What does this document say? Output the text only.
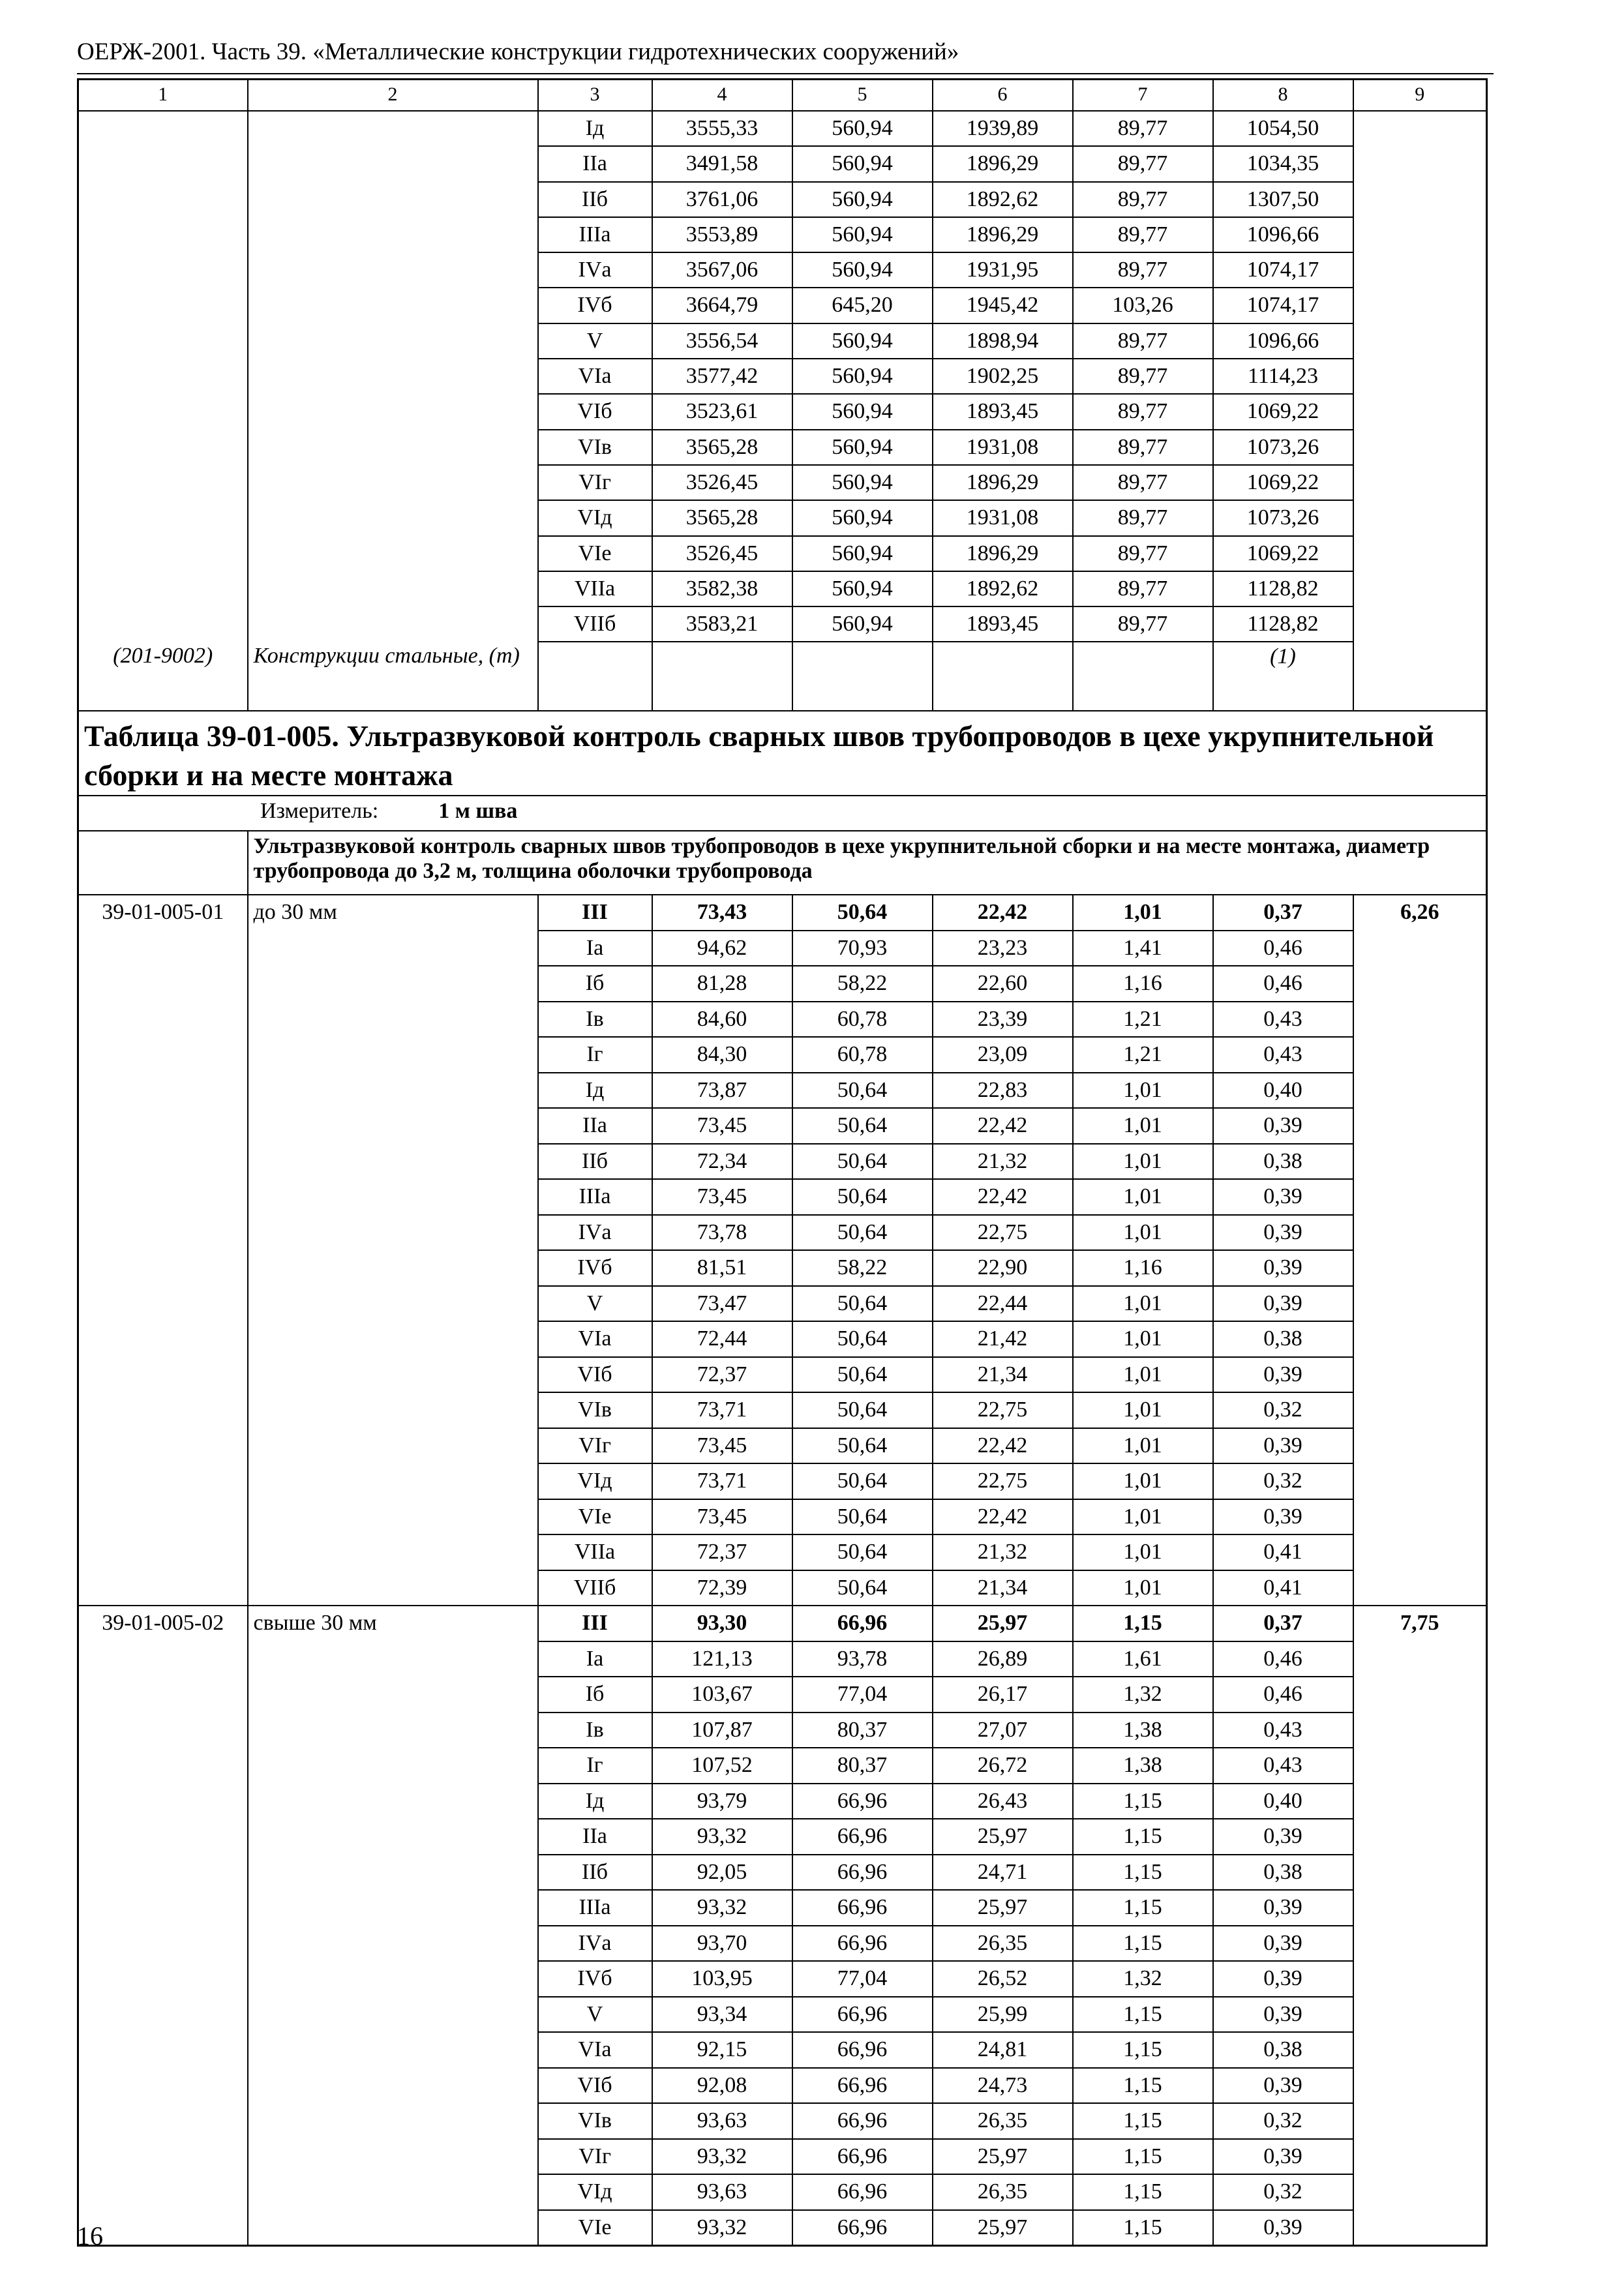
ОЕРЖ-2001. Часть 39. «Металлические конструкции гидротехнических сооружений»
1	2	3	4	5	6	7	8	9
		Iд	3555,33	560,94	1939,89	89,77	1054,50	
		IIа	3491,58	560,94	1896,29	89,77	1034,35	
		IIб	3761,06	560,94	1892,62	89,77	1307,50	
		IIIа	3553,89	560,94	1896,29	89,77	1096,66	
		IVа	3567,06	560,94	1931,95	89,77	1074,17	
		IVб	3664,79	645,20	1945,42	103,26	1074,17	
		V	3556,54	560,94	1898,94	89,77	1096,66	
		VIа	3577,42	560,94	1902,25	89,77	1114,23	
		VIб	3523,61	560,94	1893,45	89,77	1069,22	
		VIв	3565,28	560,94	1931,08	89,77	1073,26	
		VIг	3526,45	560,94	1896,29	89,77	1069,22	
		VIд	3565,28	560,94	1931,08	89,77	1073,26	
		VIе	3526,45	560,94	1896,29	89,77	1069,22	
		VIIа	3582,38	560,94	1892,62	89,77	1128,82	
		VIIб	3583,21	560,94	1893,45	89,77	1128,82	
(201-9002)	Конструкции стальные, (т)						(1)	
Таблица 39-01-005. Ультразвуковой контроль сварных швов трубопроводов в цехе укрупнительной сборки и на месте монтажа								
Измеритель: 1 м шва								
	Ультразвуковой контроль сварных швов трубопроводов в цехе укрупнительной сборки и на месте монтажа, диаметр трубопровода до 3,2 м, толщина оболочки трубопровода							
39-01-005-01	до 30 мм	III	73,43	50,64	22,42	1,01	0,37	6,26
		Iа	94,62	70,93	23,23	1,41	0,46	
		Iб	81,28	58,22	22,60	1,16	0,46	
		Iв	84,60	60,78	23,39	1,21	0,43	
		Iг	84,30	60,78	23,09	1,21	0,43	
		Iд	73,87	50,64	22,83	1,01	0,40	
		IIа	73,45	50,64	22,42	1,01	0,39	
		IIб	72,34	50,64	21,32	1,01	0,38	
		IIIа	73,45	50,64	22,42	1,01	0,39	
		IVа	73,78	50,64	22,75	1,01	0,39	
		IVб	81,51	58,22	22,90	1,16	0,39	
		V	73,47	50,64	22,44	1,01	0,39	
		VIа	72,44	50,64	21,42	1,01	0,38	
		VIб	72,37	50,64	21,34	1,01	0,39	
		VIв	73,71	50,64	22,75	1,01	0,32	
		VIг	73,45	50,64	22,42	1,01	0,39	
		VIд	73,71	50,64	22,75	1,01	0,32	
		VIе	73,45	50,64	22,42	1,01	0,39	
		VIIа	72,37	50,64	21,32	1,01	0,41	
		VIIб	72,39	50,64	21,34	1,01	0,41	
39-01-005-02	свыше 30 мм	III	93,30	66,96	25,97	1,15	0,37	7,75
		Iа	121,13	93,78	26,89	1,61	0,46	
		Iб	103,67	77,04	26,17	1,32	0,46	
		Iв	107,87	80,37	27,07	1,38	0,43	
		Iг	107,52	80,37	26,72	1,38	0,43	
		Iд	93,79	66,96	26,43	1,15	0,40	
		IIа	93,32	66,96	25,97	1,15	0,39	
		IIб	92,05	66,96	24,71	1,15	0,38	
		IIIа	93,32	66,96	25,97	1,15	0,39	
		IVа	93,70	66,96	26,35	1,15	0,39	
		IVб	103,95	77,04	26,52	1,32	0,39	
		V	93,34	66,96	25,99	1,15	0,39	
		VIа	92,15	66,96	24,81	1,15	0,38	
		VIб	92,08	66,96	24,73	1,15	0,39	
		VIв	93,63	66,96	26,35	1,15	0,32	
		VIг	93,32	66,96	25,97	1,15	0,39	
		VIд	93,63	66,96	26,35	1,15	0,32	
		VIе	93,32	66,96	25,97	1,15	0,39	
16
